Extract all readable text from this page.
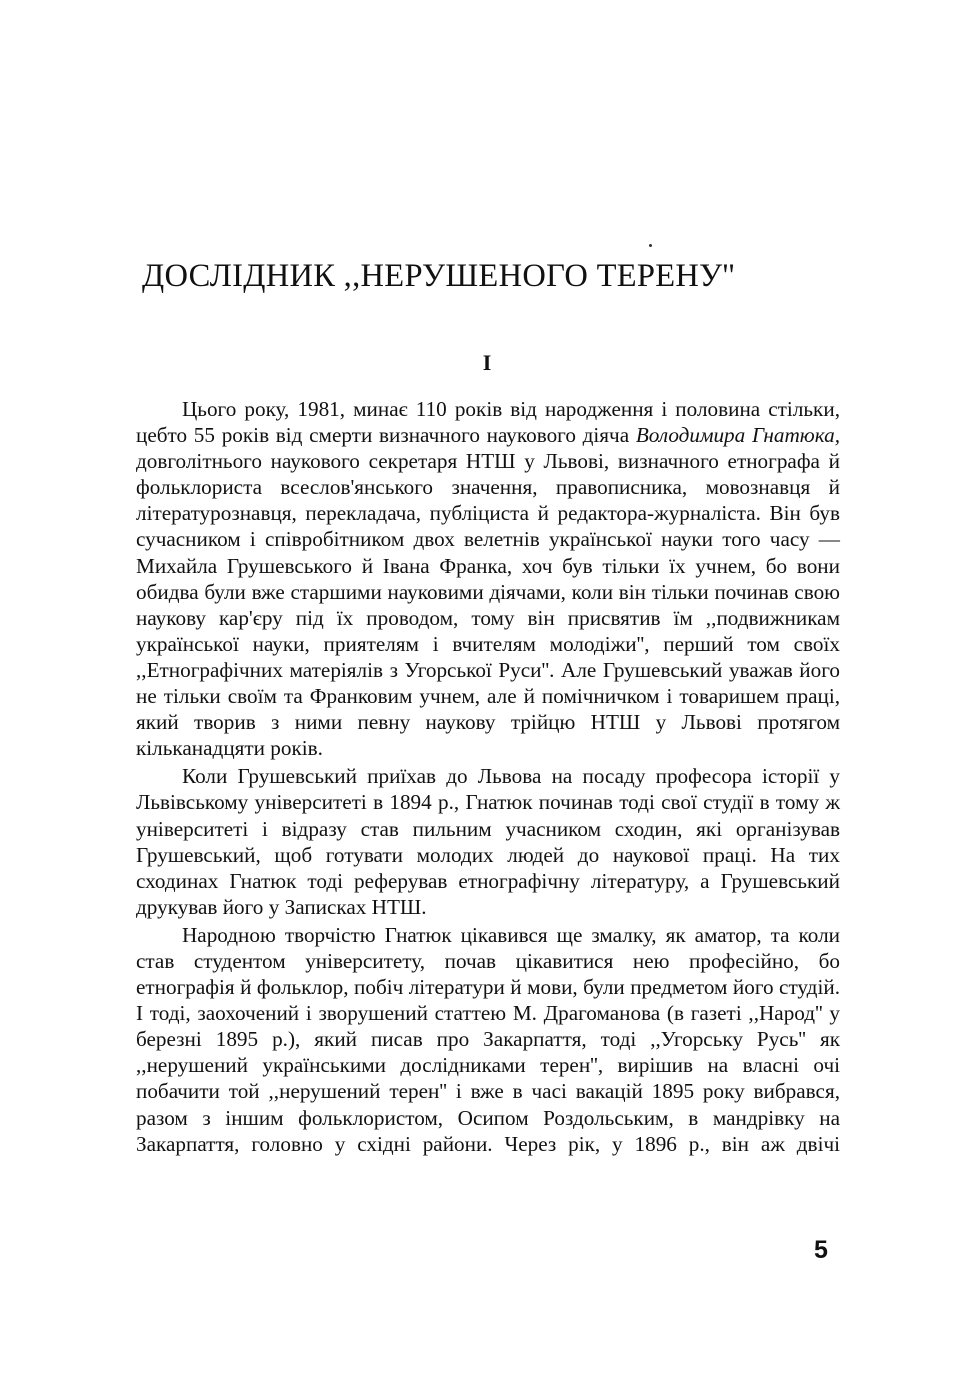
ДОСЛІДНИК ,,НЕРУШЕНОГО ТЕРЕНУ''
I

Цього року, 1981, минає 110 років від народження і половина стільки, цебто 55 років від смерти визначного наукового діяча Володимира Гнатюка, довголітнього наукового секретаря НТШ у Львові, визначного етнографа й фольклориста всеслов'янського значення, правописника, мовознавця й літературознавця, перекладача, публіциста й редактора-журналіста. Він був сучасником і співробітником двох велетнів української науки того часу — Михайла Грушевського й Івана Франка, хоч був тільки їх учнем, бо вони обидва були вже старшими науковими діячами, коли він тільки починав свою наукову кар'єру під їх проводом, тому він присвятив їм ,,подвижникам української науки, приятелям і вчителям молодіжи'', перший том своїх ,,Етнографічних матеріялів з Угорської Руси''. Але Грушевський уважав його не тільки своїм та Франковим учнем, але й помічничком і товаришем праці, який творив з ними певну наукову трійцю НТШ у Львові протягом кільканадцяти років.

Коли Грушевський приїхав до Львова на посаду професора історії у Львівському університеті в 1894 р., Гнатюк починав тоді свої студії в тому ж університеті і відразу став пильним учасником сходин, які організував Грушевський, щоб готувати молодих людей до наукової праці. На тих сходинах Гнатюк тоді реферував етнографічну літературу, а Грушевський друкував його у Записках НТШ.

Народною творчістю Гнатюк цікавився ще змалку, як аматор, та коли став студентом університету, почав цікавитися нею професійно, бо етнографія й фольклор, побіч літератури й мови, були предметом його студій. І тоді, заохочений і зворушений статтею М. Драгоманова (в газеті ,,Народ'' у березні 1895 р.), який писав про Закарпаття, тоді ,,Угорську Русь'' як ,,нерушений українськими дослідниками терен'', вирішив на власні очі побачити той ,,нерушений терен'' і вже в часі вакацій 1895 року вибрався, разом з іншим фольклористом, Осипом Роздольським, в мандрівку на Закарпаття, головно у східні райони. Через рік, у 1896 р., він аж двічі

5
